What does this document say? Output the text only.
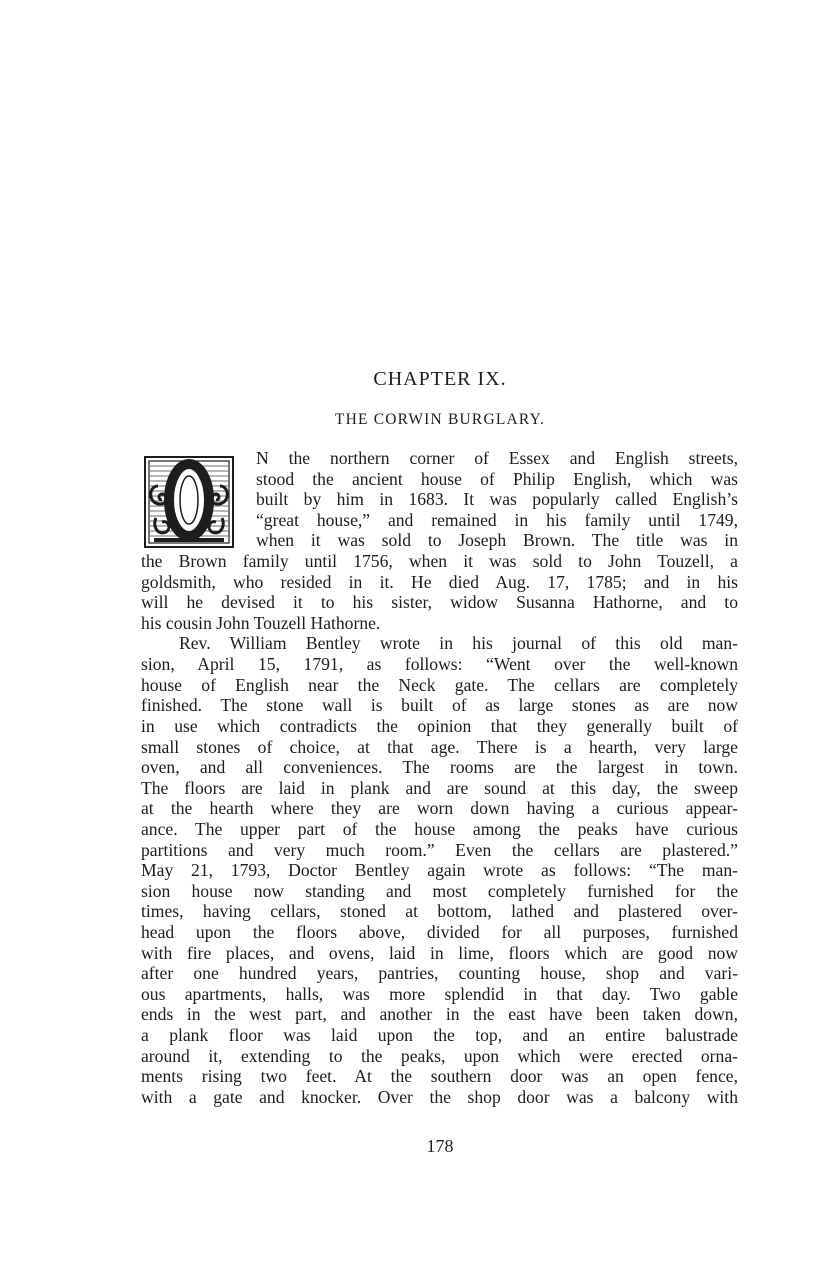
CHAPTER IX.
THE CORWIN BURGLARY.
N the northern corner of Essex and English streets,
stood the ancient house of Philip English, which was
built by him in 1683. It was popularly called English’s
“great house,” and remained in his family until 1749,
when it was sold to Joseph Brown. The title was in
the Brown family until 1756, when it was sold to John Touzell, a
goldsmith, who resided in it. He died Aug. 17, 1785; and in his
will he devised it to his sister, widow Susanna Hathorne, and to
his cousin John Touzell Hathorne.
Rev. William Bentley wrote in his journal of this old man-
sion, April 15, 1791, as follows: “Went over the well-known
house of English near the Neck gate. The cellars are completely
finished. The stone wall is built of as large stones as are now
in use which contradicts the opinion that they generally built of
small stones of choice, at that age. There is a hearth, very large
oven, and all conveniences. The rooms are the largest in town.
The floors are laid in plank and are sound at this day, the sweep
at the hearth where they are worn down having a curious appear-
ance. The upper part of the house among the peaks have curious
partitions and very much room.” Even the cellars are plastered.”
May 21, 1793, Doctor Bentley again wrote as follows: “The man-
sion house now standing and most completely furnished for the
times, having cellars, stoned at bottom, lathed and plastered over-
head upon the floors above, divided for all purposes, furnished
with fire places, and ovens, laid in lime, floors which are good now
after one hundred years, pantries, counting house, shop and vari-
ous apartments, halls, was more splendid in that day. Two gable
ends in the west part, and another in the east have been taken down,
a plank floor was laid upon the top, and an entire balustrade
around it, extending to the peaks, upon which were erected orna-
ments rising two feet. At the southern door was an open fence,
with a gate and knocker. Over the shop door was a balcony with
178
